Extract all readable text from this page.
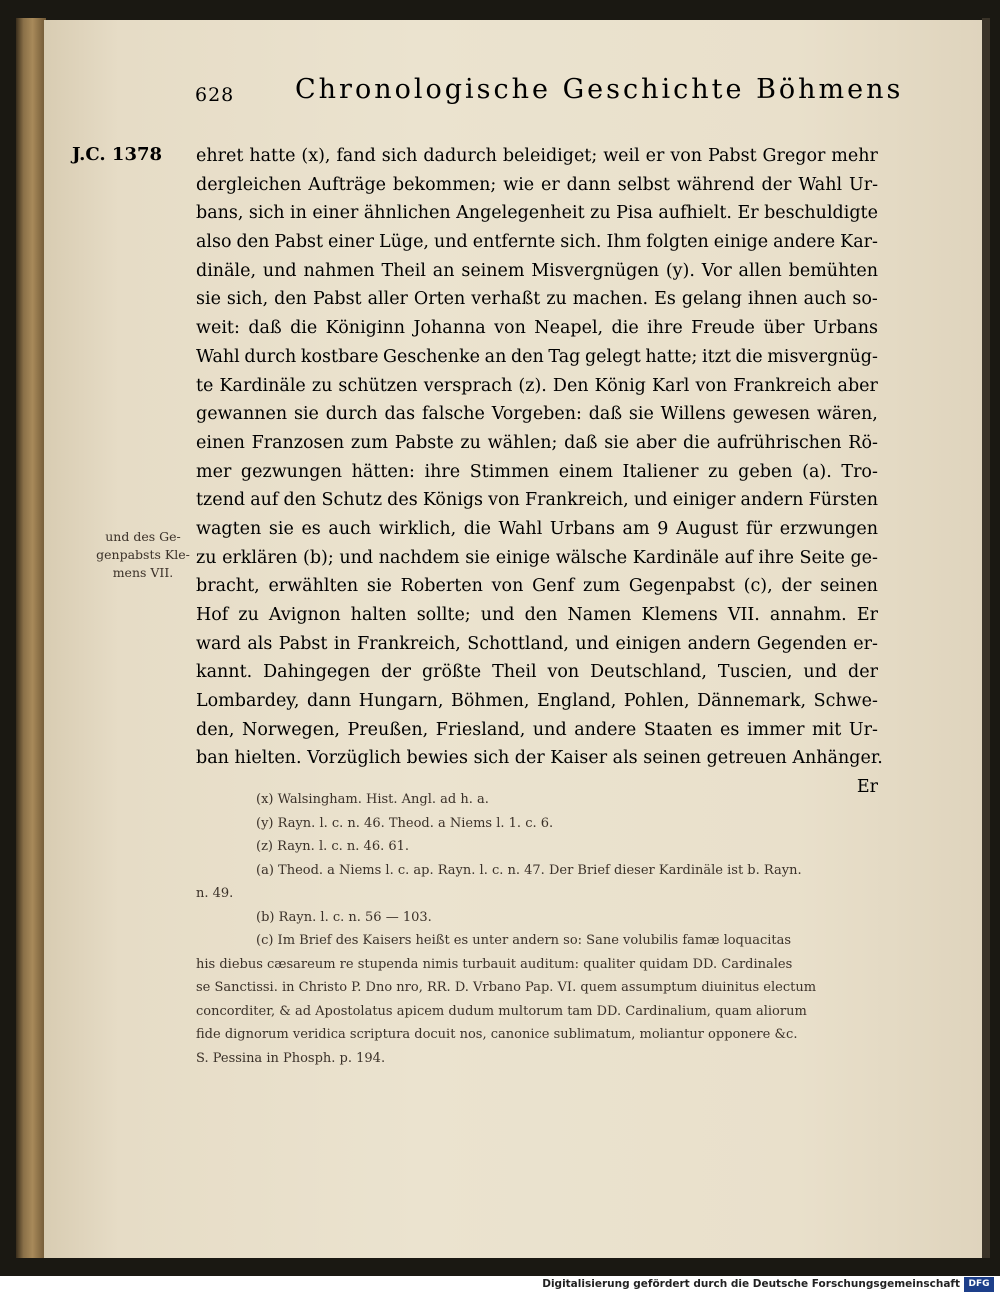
628 Chronologische Geschichte Böhmens
J.C. 1378
und des Ge-
genpabsts Kle-
mens VII.
ehret hatte (x), fand sich dadurch beleidiget; weil er von Pabst Gregor mehr
dergleichen Aufträge bekommen; wie er dann selbst während der Wahl Ur-
bans, sich in einer ähnlichen Angelegenheit zu Pisa aufhielt. Er beschuldigte
also den Pabst einer Lüge, und entfernte sich. Ihm folgten einige andere Kar-
dinäle, und nahmen Theil an seinem Misvergnügen (y). Vor allen bemühten
sie sich, den Pabst aller Orten verhaßt zu machen. Es gelang ihnen auch so-
weit: daß die Königinn Johanna von Neapel, die ihre Freude über Urbans
Wahl durch kostbare Geschenke an den Tag gelegt hatte; itzt die misvergnüg-
te Kardinäle zu schützen versprach (z). Den König Karl von Frankreich aber
gewannen sie durch das falsche Vorgeben: daß sie Willens gewesen wären,
einen Franzosen zum Pabste zu wählen; daß sie aber die aufrührischen Rö-
mer gezwungen hätten: ihre Stimmen einem Italiener zu geben (a). Tro-
tzend auf den Schutz des Königs von Frankreich, und einiger andern Fürsten
wagten sie es auch wirklich, die Wahl Urbans am 9 August für erzwungen
zu erklären (b); und nachdem sie einige wälsche Kardinäle auf ihre Seite ge-
bracht, erwählten sie Roberten von Genf zum Gegenpabst (c), der seinen
Hof zu Avignon halten sollte; und den Namen Klemens VII. annahm. Er
ward als Pabst in Frankreich, Schottland, und einigen andern Gegenden er-
kannt. Dahingegen der größte Theil von Deutschland, Tuscien, und der
Lombardey, dann Hungarn, Böhmen, England, Pohlen, Dännemark, Schwe-
den, Norwegen, Preußen, Friesland, und andere Staaten es immer mit Ur-
ban hielten. Vorzüglich bewies sich der Kaiser als seinen getreuen Anhänger.
Er
(x) Walsingham. Hist. Angl. ad h. a.
(y) Rayn. l. c. n. 46. Theod. a Niems l. 1. c. 6.
(z) Rayn. l. c. n. 46. 61.
(a) Theod. a Niems l. c. ap. Rayn. l. c. n. 47. Der Brief dieser Kardinäle ist b. Rayn.
n. 49.
(b) Rayn. l. c. n. 56 — 103.
(c) Im Brief des Kaisers heißt es unter andern so: Sane volubilis famæ loquacitas
his diebus cæsareum re stupenda nimis turbauit auditum: qualiter quidam DD. Cardinales
se Sanctissi. in Christo P. Dno nro, RR. D. Vrbano Pap. VI. quem assumptum diuinitus electum
concorditer, & ad Apostolatus apicem dudum multorum tam DD. Cardinalium, quam aliorum
fide dignorum veridica scriptura docuit nos, canonice sublimatum, moliantur opponere &c.
S. Pessina in Phosph. p. 194.
Digitalisierung gefördert durch die Deutsche Forschungsgemeinschaft DFG
